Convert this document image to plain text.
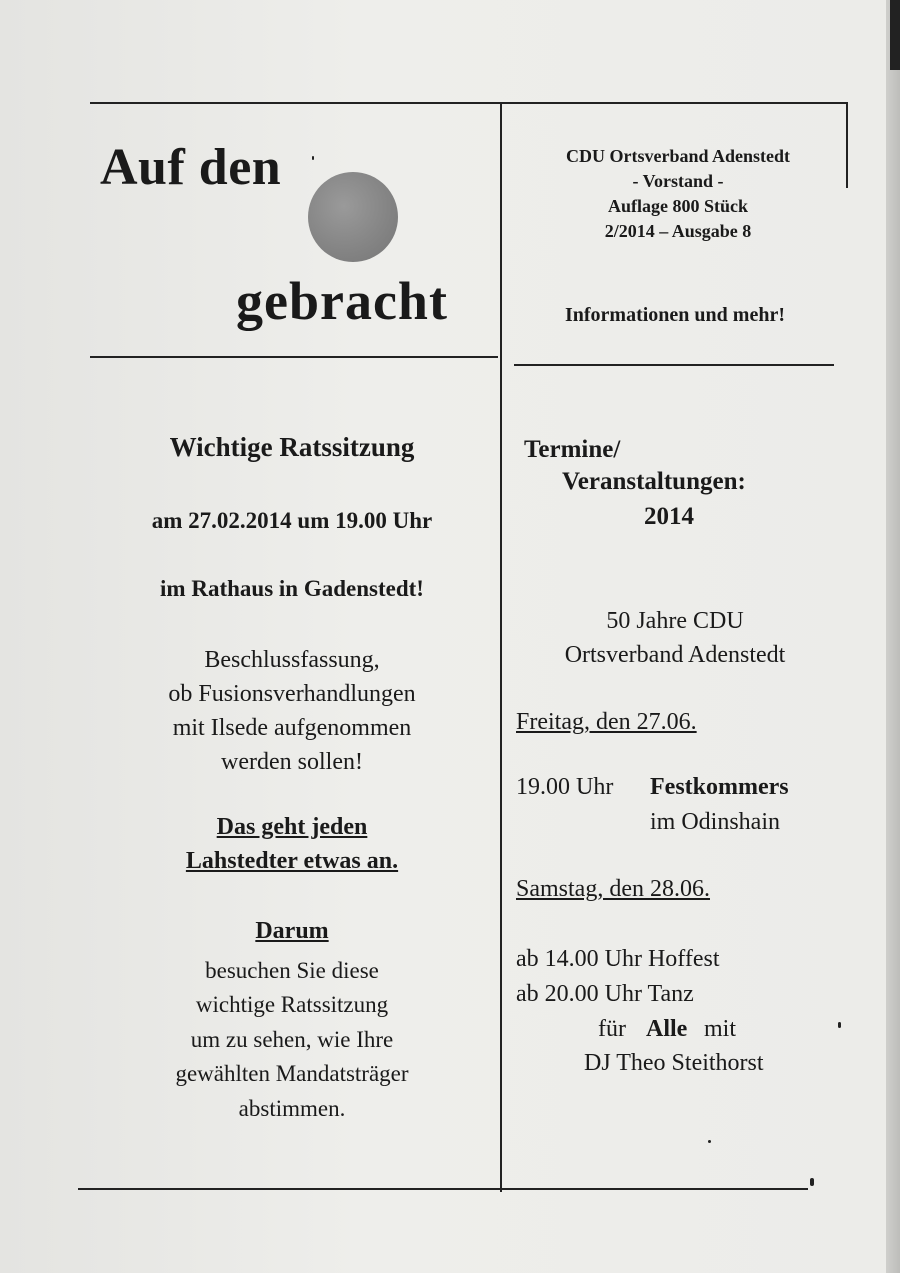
Auf den
gebracht
CDU Ortsverband Adenstedt
- Vorstand -
Auflage 800 Stück
2/2014 – Ausgabe 8
Informationen und mehr!
Wichtige Ratssitzung
am 27.02.2014 um 19.00 Uhr
im Rathaus in Gadenstedt!
Beschlussfassung,
ob Fusionsverhandlungen
mit Ilsede aufgenommen
werden sollen!
Das geht jeden
Lahstedter etwas an.
Darum
besuchen Sie diese
wichtige Ratssitzung
um zu sehen, wie Ihre
gewählten Mandatsträger
abstimmen.
Termine/
Veranstaltungen:
2014
50 Jahre CDU
Ortsverband Adenstedt
Freitag, den 27.06.
19.00 Uhr Festkommers
im Odinshain
Samstag, den 28.06.
ab 14.00 Uhr Hoffest
ab 20.00 Uhr Tanz
für Alle mit
DJ Theo Steithorst
